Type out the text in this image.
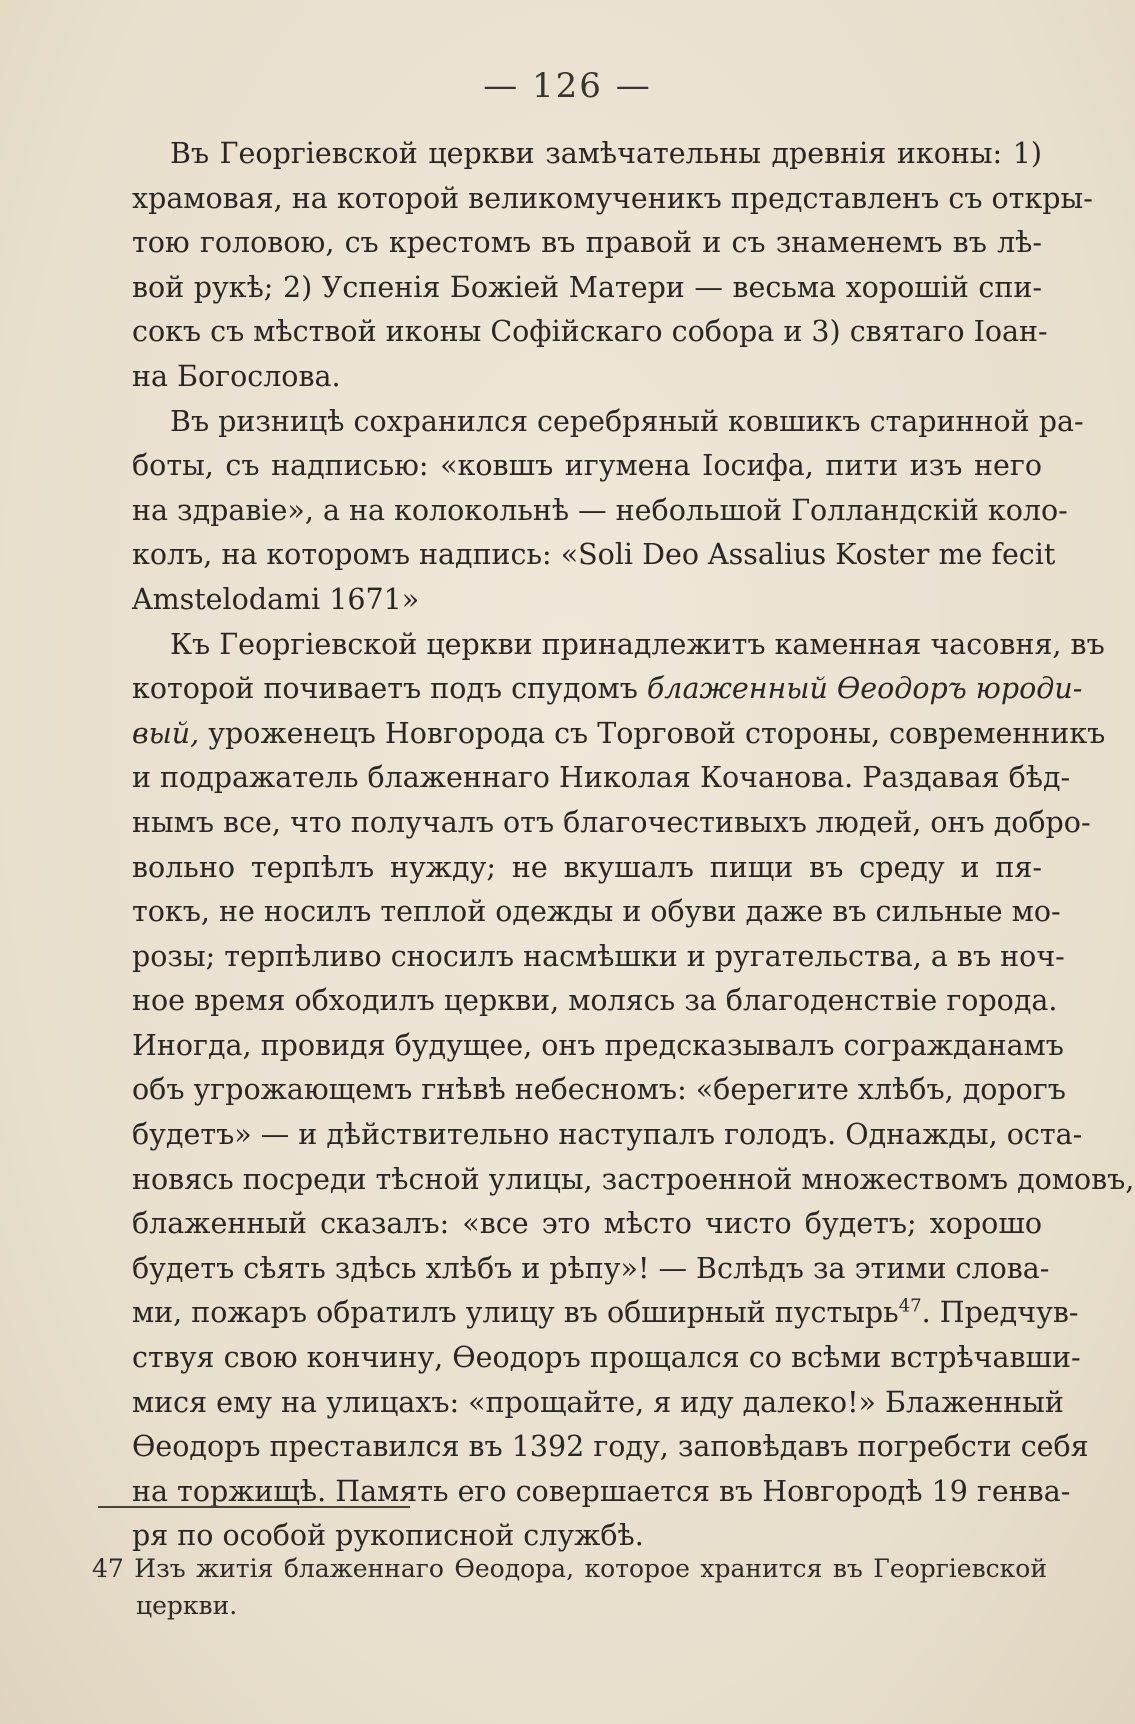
— 126 —

Въ Георгіевской церкви замѣчательны древнія иконы: 1)
храмовая, на которой великомученикъ представленъ съ откры-
тою головою, съ крестомъ въ правой и съ знаменемъ въ лѣ-
вой рукѣ; 2) Успенія Божіей Матери — весьма хорошій спи-
сокъ съ мѣствой иконы Софійскаго собора и 3) святаго Іоан-
на Богослова.

Въ ризницѣ сохранился серебряный ковшикъ старинной ра-
боты, съ надписью: «ковшъ игумена Іосифа, пити изъ него
на здравіе», а на колокольнѣ — небольшой Голландскій коло-
колъ, на которомъ надпись: «Soli Deo Assalius Koster me fecit
Amstelodami 1671»

Къ Георгіевской церкви принадлежитъ каменная часовня, въ
которой почиваетъ подъ спудомъ блаженный Ѳеодоръ юроди-
вый, уроженецъ Новгорода съ Торговой стороны, современникъ
и подражатель блаженнаго Николая Кочанова. Раздавая бѣд-
нымъ все, что получалъ отъ благочестивыхъ людей, онъ добро-
вольно терпѣлъ нужду; не вкушалъ пищи въ среду и пя-
токъ, не носилъ теплой одежды и обуви даже въ сильные мо-
розы; терпѣливо сносилъ насмѣшки и ругательства, а въ ноч-
ное время обходилъ церкви, молясь за благоденствіе города.
Иногда, провидя будущее, онъ предсказывалъ согражданамъ
объ угрожающемъ гнѣвѣ небесномъ: «берегите хлѣбъ, дорогъ
будетъ» — и дѣйствительно наступалъ голодъ. Однажды, оста-
новясь посреди тѣсной улицы, застроенной множествомъ домовъ,
блаженный сказалъ: «все это мѣсто чисто будетъ; хорошо
будетъ сѣять здѣсь хлѣбъ и рѣпу»! — Вслѣдъ за этими слова-
ми, пожаръ обратилъ улицу въ обширный пустырь$^{47}$. Предчув-
ствуя свою кончину, Ѳеодоръ прощался со всѣми встрѣчавши-
мися ему на улицахъ: «прощайте, я иду далеко!» Блаженный
Ѳеодоръ преставился въ 1392 году, заповѣдавъ погребсти себя
на торжищѣ. Память его совершается въ Новгородѣ 19 генва-
ря по особой рукописной службѣ.

47 Изъ житія блаженнаго Ѳеодора, которое хранится въ Георгіевской
церкви.
